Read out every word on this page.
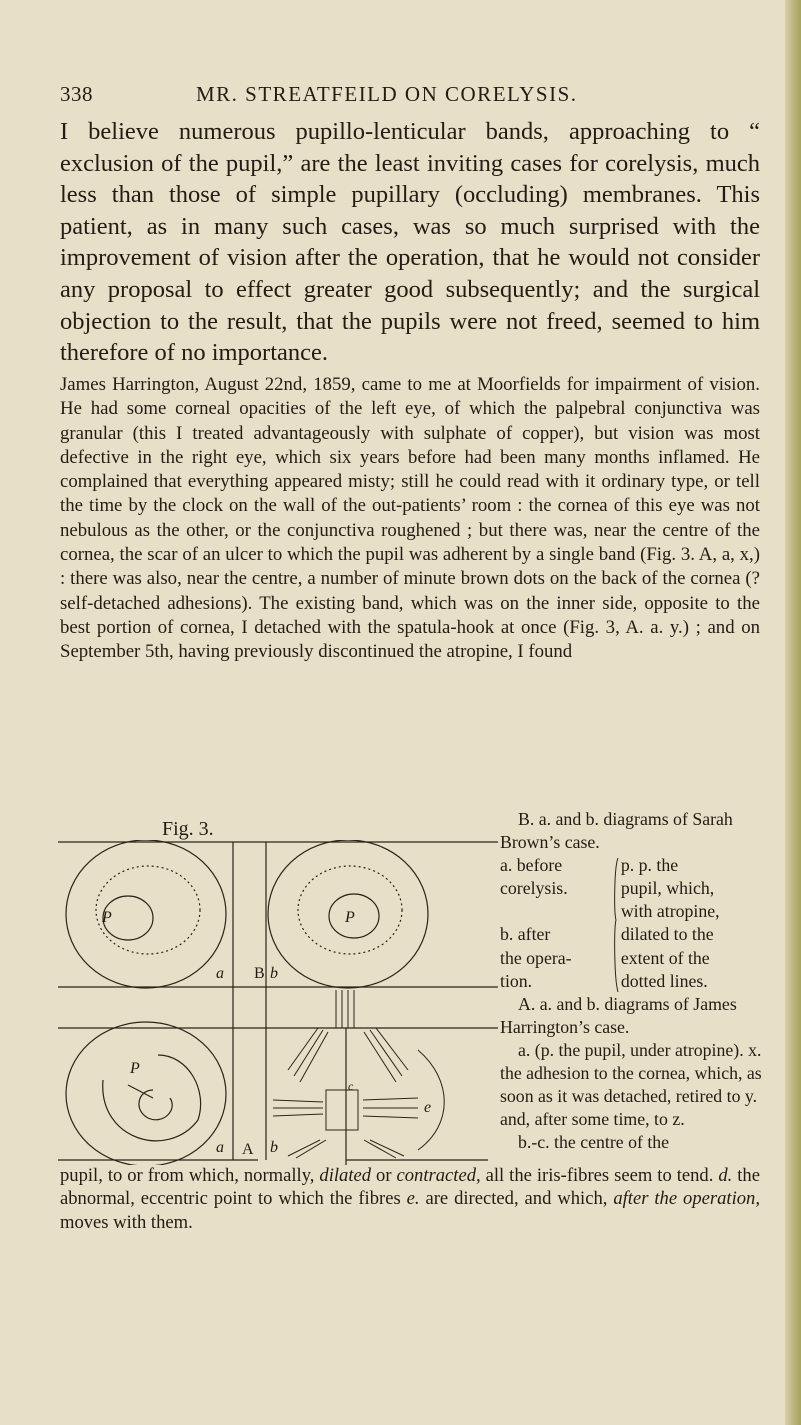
338	MR. STREATFEILD ON CORELYSIS.
I believe numerous pupillo-lenticular bands, approaching to “ exclusion of the pupil,” are the least inviting cases for corelysis, much less than those of simple pupillary (occluding) membranes. This patient, as in many such cases, was so much surprised with the improvement of vision after the operation, that he would not consider any proposal to effect greater good subsequently; and the surgical objection to the result, that the pupils were not freed, seemed to him therefore of no importance.
James Harrington, August 22nd, 1859, came to me at Moorfields for impairment of vision. He had some corneal opacities of the left eye, of which the palpebral conjunctiva was granular (this I treated advantageously with sulphate of copper), but vision was most defective in the right eye, which six years before had been many months inflamed. He complained that everything appeared misty; still he could read with it ordinary type, or tell the time by the clock on the wall of the out-patients’ room : the cornea of this eye was not nebulous as the other, or the conjunctiva roughened ; but there was, near the centre of the cornea, the scar of an ulcer to which the pupil was adherent by a single band (Fig. 3. A, a, x,) : there was also, near the centre, a number of minute brown dots on the back of the cornea (? self-detached adhesions). The existing band, which was on the inner side, opposite to the best portion of cornea, I detached with the spatula-hook at once (Fig. 3, A. a. y.) ; and on September 5th, having previously discontinued the atropine, I found
Fig. 3.
P	P
P
a B b
a A b
c
e

B. a. and b. diagrams of Sarah Brown’s case.

a. before
corelysis.

b. after
the opera-
tion.
p. p. the
pupil, which,
with atropine,
dilated to the
extent of the
dotted lines.

A. a. and b. diagrams of James Harrington’s case.

a. (p. the pupil, under atropine). x. the adhesion to the cornea, which, as soon as it was detached, retired to y. and, after some time, to z.

b.-c. the centre of the

pupil, to or from which, normally, dilated or contracted, all the iris-fibres seem to tend. d. the abnormal, eccentric point to which the fibres e. are directed, and which, after the operation, moves with them.
